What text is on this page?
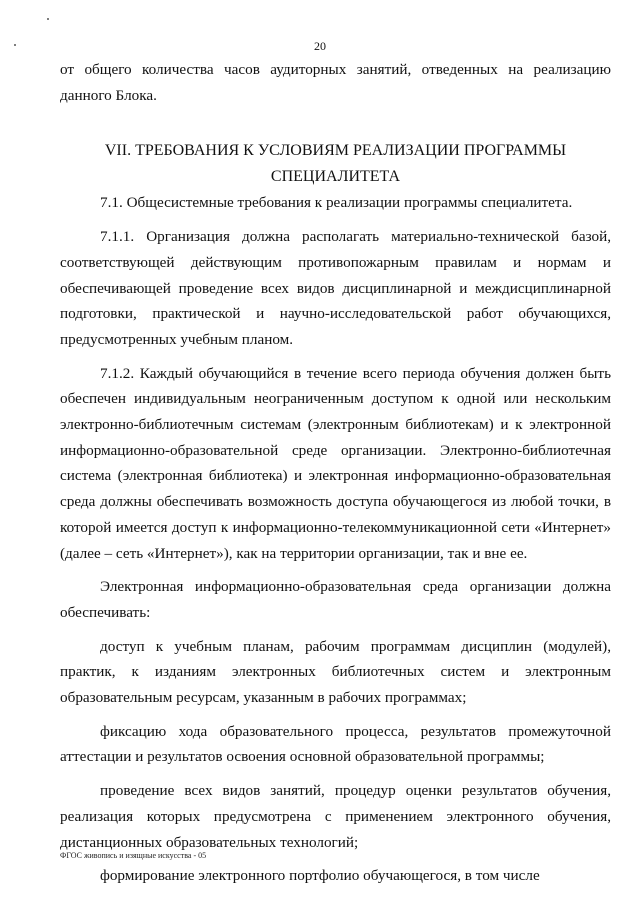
20

от общего количества часов аудиторных занятий, отведенных на реализацию данного Блока.

VII. ТРЕБОВАНИЯ К УСЛОВИЯМ РЕАЛИЗАЦИИ ПРОГРАММЫ СПЕЦИАЛИТЕТА

7.1. Общесистемные требования к реализации программы специалитета.

7.1.1. Организация должна располагать материально-технической базой, соответствующей действующим противопожарным правилам и нормам и обеспечивающей проведение всех видов дисциплинарной и междисциплинарной подготовки, практической и научно-исследовательской работ обучающихся, предусмотренных учебным планом.

7.1.2. Каждый обучающийся в течение всего периода обучения должен быть обеспечен индивидуальным неограниченным доступом к одной или нескольким электронно-библиотечным системам (электронным библиотекам) и к электронной информационно-образовательной среде организации. Электронно-библиотечная система (электронная библиотека) и электронная информационно-образовательная среда должны обеспечивать возможность доступа обучающегося из любой точки, в которой имеется доступ к информационно-телекоммуникационной сети «Интернет» (далее – сеть «Интернет»), как на территории организации, так и вне ее.

Электронная информационно-образовательная среда организации должна обеспечивать:

доступ к учебным планам, рабочим программам дисциплин (модулей), практик, к изданиям электронных библиотечных систем и электронным образовательным ресурсам, указанным в рабочих программах;

фиксацию хода образовательного процесса, результатов промежуточной аттестации и результатов освоения основной образовательной программы;

проведение всех видов занятий, процедур оценки результатов обучения, реализация которых предусмотрена с применением электронного обучения, дистанционных образовательных технологий;

формирование электронного портфолио обучающегося, в том числе

ФГОС живопись и изящные искусства - 05
